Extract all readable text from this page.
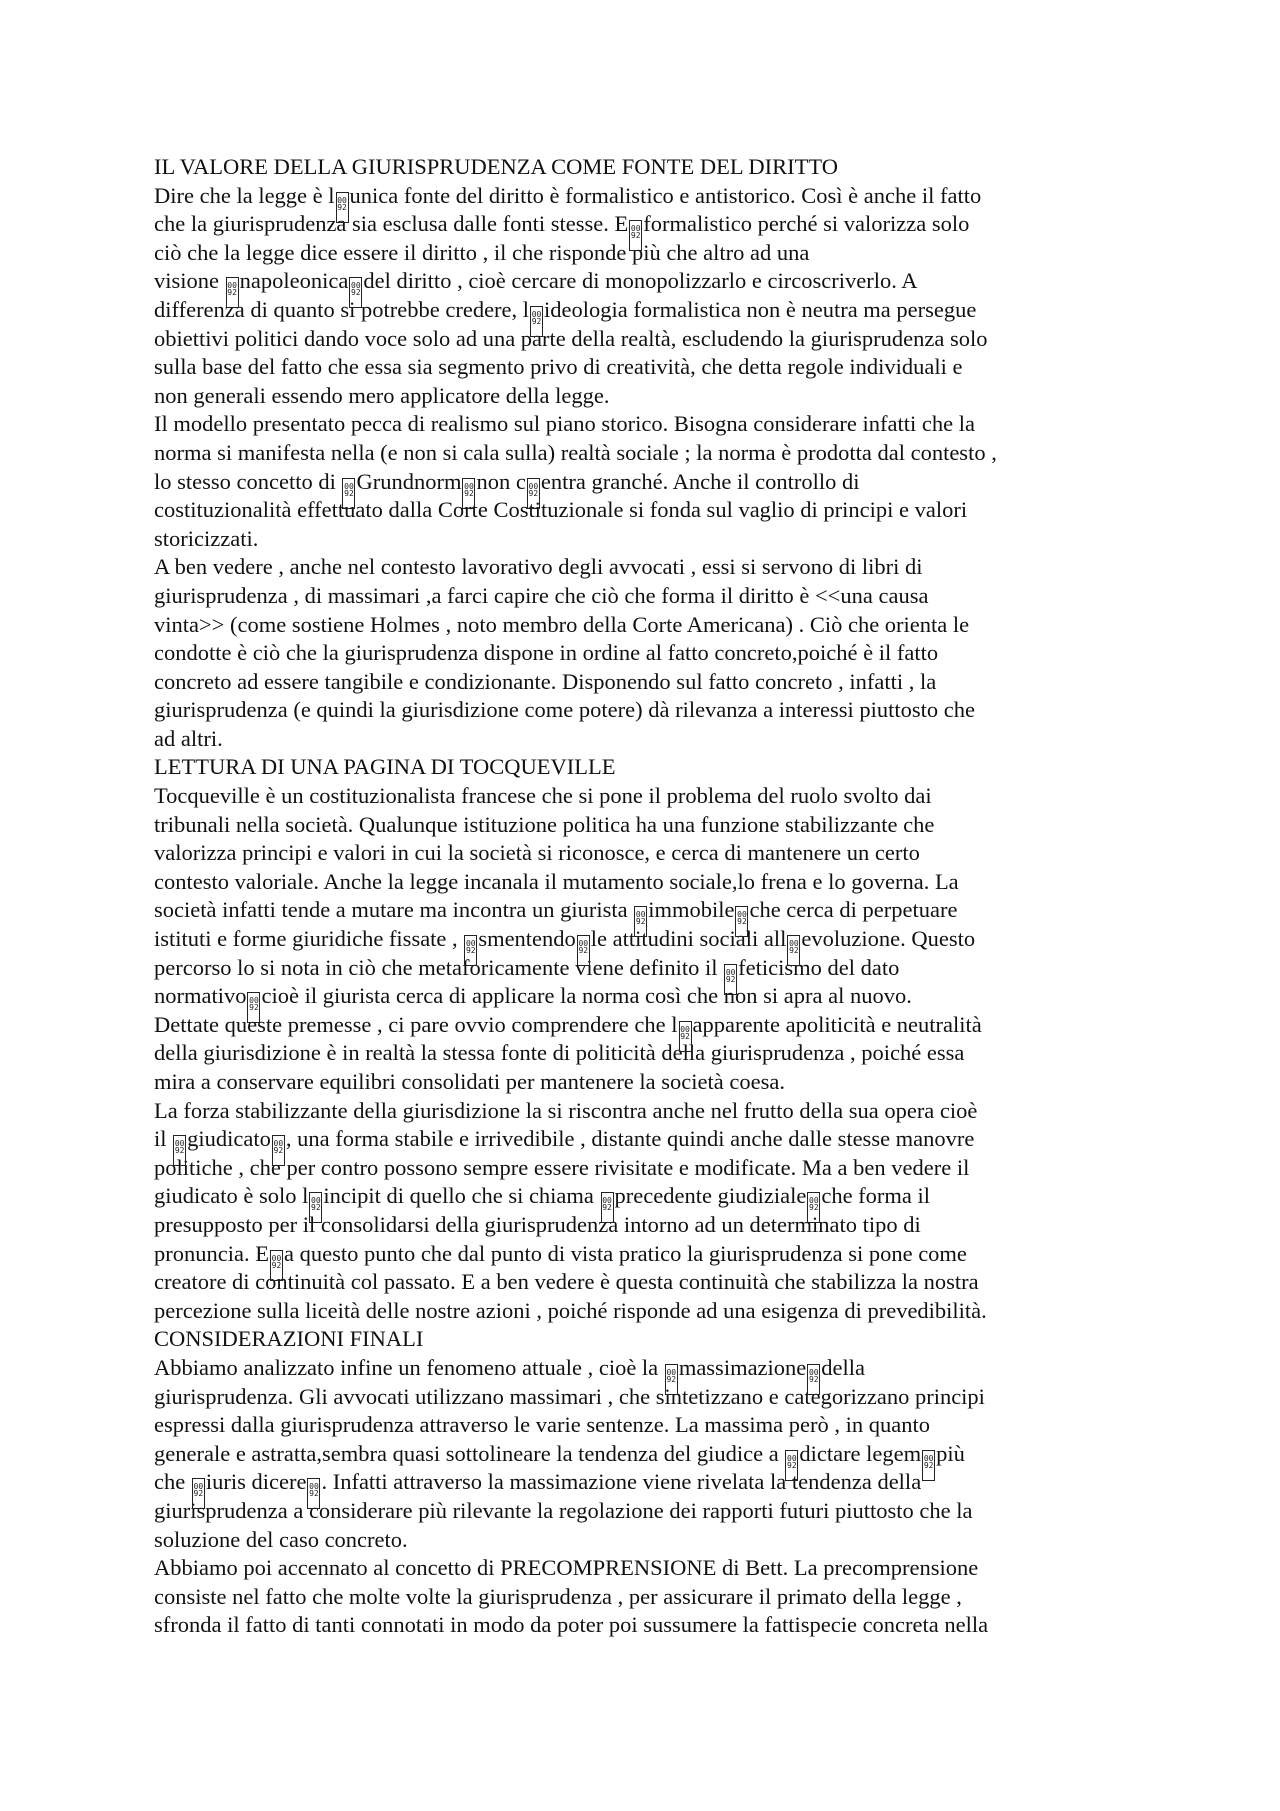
IL VALORE DELLA GIURISPRUDENZA COME FONTE DEL DIRITTO
Dire che la legge è l 00
92 unica fonte del diritto è formalistico e antistorico. Così è anche il fatto
che la giurisprudenza sia esclusa dalle fonti stesse. E 00
92 formalistico perché si valorizza solo
ciò che la legge dice essere il diritto , il che risponde più che altro ad una
visione 00
92 napoleonica 00
92 del diritto , cioè cercare di monopolizzarlo e circoscriverlo. A
differenza di quanto si potrebbe credere, l 00
92 ideologia formalistica non è neutra ma persegue
obiettivi politici dando voce solo ad una parte della realtà, escludendo la giurisprudenza solo
sulla base del fatto che essa sia segmento privo di creatività, che detta regole individuali e
non generali essendo mero applicatore della legge.
Il modello presentato pecca di realismo sul piano storico. Bisogna considerare infatti che la
norma si manifesta nella (e non si cala sulla) realtà sociale ; la norma è prodotta dal contesto ,
lo stesso concetto di 00
92 Grundnorm 00
92 non c 00
92 entra granché. Anche il controllo di
costituzionalità effettuato dalla Corte Costituzionale si fonda sul vaglio di principi e valori
storicizzati.
A ben vedere , anche nel contesto lavorativo degli avvocati , essi si servono di libri di
giurisprudenza , di massimari ,a farci capire che ciò che forma il diritto è <<una causa
vinta>> (come sostiene Holmes , noto membro della Corte Americana) . Ciò che orienta le
condotte è ciò che la giurisprudenza dispone in ordine al fatto concreto,poiché è il fatto
concreto ad essere tangibile e condizionante. Disponendo sul fatto concreto , infatti , la
giurisprudenza (e quindi la giurisdizione come potere) dà rilevanza a interessi piuttosto che
ad altri.
LETTURA DI UNA PAGINA DI TOCQUEVILLE
Tocqueville è un costituzionalista francese che si pone il problema del ruolo svolto dai
tribunali nella società. Qualunque istituzione politica ha una funzione stabilizzante che
valorizza principi e valori in cui la società si riconosce, e cerca di mantenere un certo
contesto valoriale. Anche la legge incanala il mutamento sociale,lo frena e lo governa. La
società infatti tende a mutare ma incontra un giurista 00
92 immobile 00
92 che cerca di perpetuare
istituti e forme giuridiche fissate , 00
92 smentendo 00
92 le attitudini sociali all 00
92 evoluzione. Questo
percorso lo si nota in ciò che metaforicamente viene definito il 00
92 feticismo del dato
normativo 00
92 cioè il giurista cerca di applicare la norma così che non si apra al nuovo.
Dettate queste premesse , ci pare ovvio comprendere che l 00
92 apparente apoliticità e neutralità
della giurisdizione è in realtà la stessa fonte di politicità della giurisprudenza , poiché essa
mira a conservare equilibri consolidati per mantenere la società coesa.
La forza stabilizzante della giurisdizione la si riscontra anche nel frutto della sua opera cioè
il 00
92 giudicato 00
92 , una forma stabile e irrivedibile , distante quindi anche dalle stesse manovre
politiche , che per contro possono sempre essere rivisitate e modificate. Ma a ben vedere il
giudicato è solo l 00
92 incipit di quello che si chiama 00
92 precedente giudiziale 00
92 che forma il
presupposto per il consolidarsi della giurisprudenza intorno ad un determinato tipo di
pronuncia. E 00
92 a questo punto che dal punto di vista pratico la giurisprudenza si pone come
creatore di continuità col passato. E a ben vedere è questa continuità che stabilizza la nostra
percezione sulla liceità delle nostre azioni , poiché risponde ad una esigenza di prevedibilità.
CONSIDERAZIONI FINALI
Abbiamo analizzato infine un fenomeno attuale , cioè la 00
92 massimazione 00
92 della
giurisprudenza. Gli avvocati utilizzano massimari , che sintetizzano e categorizzano principi
espressi dalla giurisprudenza attraverso le varie sentenze. La massima però , in quanto
generale e astratta,sembra quasi sottolineare la tendenza del giudice a 00
92 dictare legem 00
92 più
che 00
92 iuris dicere 00
92 . Infatti attraverso la massimazione viene rivelata la tendenza della
giurisprudenza a considerare più rilevante la regolazione dei rapporti futuri piuttosto che la
soluzione del caso concreto.
Abbiamo poi accennato al concetto di PRECOMPRENSIONE di Bett. La precomprensione
consiste nel fatto che molte volte la giurisprudenza , per assicurare il primato della legge ,
sfronda il fatto di tanti connotati in modo da poter poi sussumere la fattispecie concreta nella
